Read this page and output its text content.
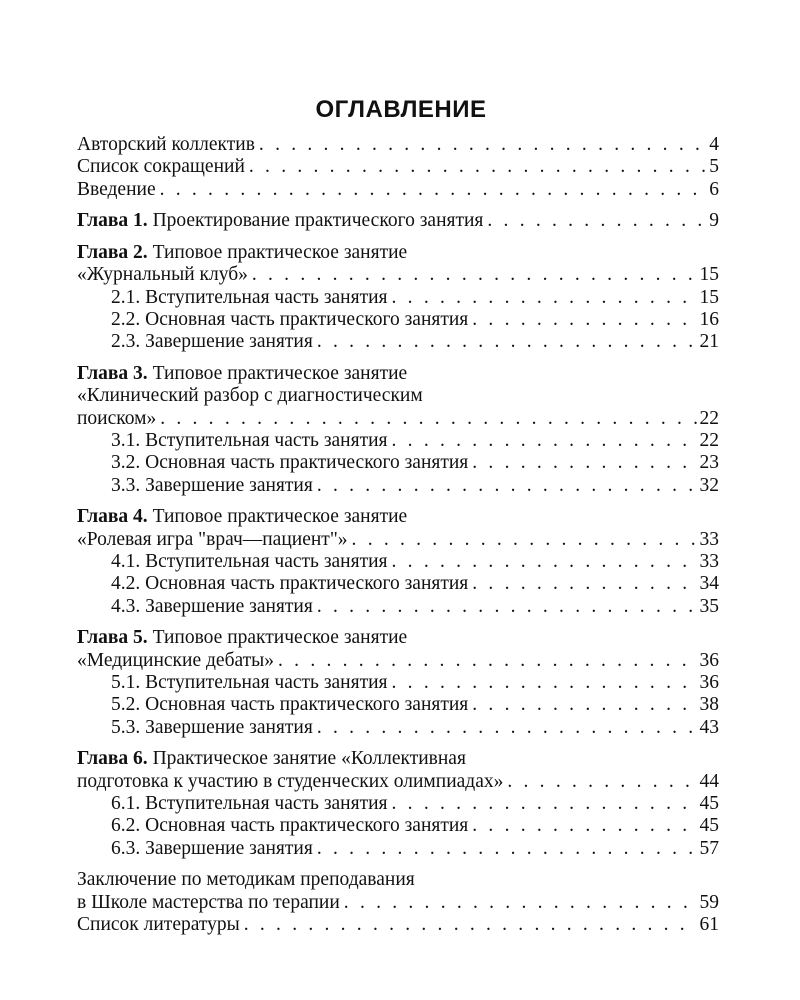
ОГЛАВЛЕНИЕ
Авторский коллектив . . .	4
Список сокращений . . .	5
Введение . . .	6
Глава 1. Проектирование практического занятия . . .	9
Глава 2. Типовое практическое занятие
«Журнальный клуб» . . .	15
2.1. Вступительная часть занятия . . .	15
2.2. Основная часть практического занятия . . .	16
2.3. Завершение занятия . . .	21
Глава 3. Типовое практическое занятие
«Клинический разбор с диагностическим
поиском» . . .	22
3.1. Вступительная часть занятия . . .	22
3.2. Основная часть практического занятия . . .	23
3.3. Завершение занятия . . .	32
Глава 4. Типовое практическое занятие
«Ролевая игра "врач—пациент"» . . .	33
4.1. Вступительная часть занятия . . .	33
4.2. Основная часть практического занятия . . .	34
4.3. Завершение занятия . . .	35
Глава 5. Типовое практическое занятие
«Медицинские дебаты» . . .	36
5.1. Вступительная часть занятия . . .	36
5.2. Основная часть практического занятия . . .	38
5.3. Завершение занятия . . .	43
Глава 6. Практическое занятие «Коллективная
подготовка к участию в студенческих олимпиадах» . . .	44
6.1. Вступительная часть занятия . . .	45
6.2. Основная часть практического занятия . . .	45
6.3. Завершение занятия . . .	57
Заключение по методикам преподавания
в Школе мастерства по терапии . . .	59
Список литературы . . .	61
